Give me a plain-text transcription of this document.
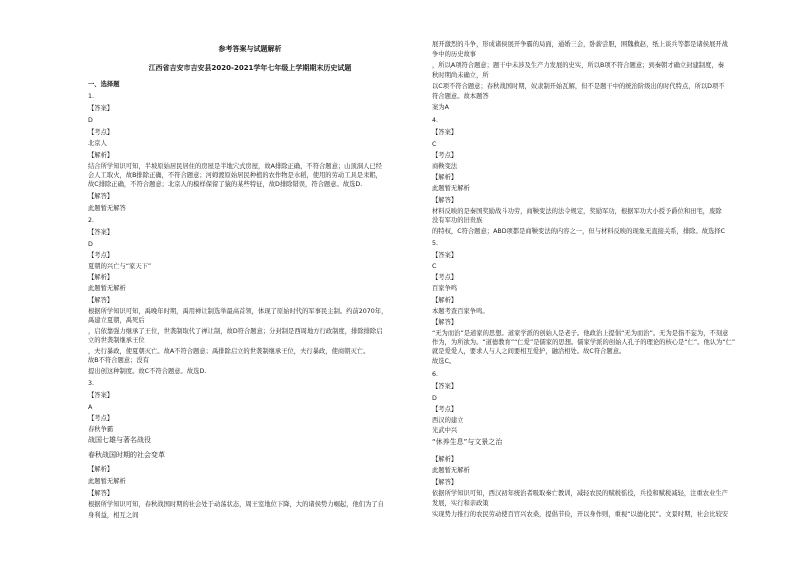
参考答案与试题解析
江西省吉安市吉安县2020-2021学年七年级上学期期末历史试题
一、选择题
1.
【答案】
D
【考点】
北京人
【解析】
结合所学知识可知，半坡原始居民居住的房屋是半地穴式房屋，故A排除正确，不符合题意；山顶洞人已经
会人工取火，故B排除正确，不符合题意；河姆渡原始居民种植的农作物是水稻，使用的劳动工具是耒耜，
故C排除正确，不符合题意；北京人的模样保留了猿的某些特征，故D排除错误，符合题意。故选D.
【解答】
此题暂无解答
2.
【答案】
D
【考点】
夏朝的兴亡与“家天下”
【解析】
此题暂无解析
【解答】
根据所学知识可知，禹晚年时期，禹用禅让制选举最高首领，体现了原始时代的军事民主制。约前2070年，
禹建立夏朝，禹死后
，启依靠强力继承了王位，世袭制取代了禅让制，故D符合题意；分封制是西周地方行政制度，排除排除启
立的世袭制继承王位
，夫行暴政，使夏朝灭亡。故A不符合题意；禹排除启立的世袭制继承王位，夫行暴政，使商朝灭亡。
故B不符合题意；没有
提出创这种制度。故C不符合题意。故选D.
3.
【答案】
A
【考点】
春秋争霸
战国七雄与著名战役
春秋战国时期的社会变革
【解析】
此题暂无解析
【解答】
根据所学知识可知，春秋战国时期的社会处于动荡状态，周王室地位下降，大的诸侯势力崛起，他们为了自
身利益，相互之间
展开激烈的斗争，形成诸侯展开争霸的局面，通婚三会，卧薪尝胆，围魏救赵，纸上谈兵等都是诸侯展开战
争中的历史故事
，所以A项符合题意；题干中未涉及生产力发展的史实，所以B项不符合题意；到秦朝才确立封建制度，秦
秋时期尚未确立，所
以C项不符合题意；春秋战国时期，奴隶制开始瓦解，但不是题干中的统治阶级出的时代特点，所以D项不
符合题意。故本题答
案为A
4.
【答案】
C
【考点】
商鞅变法
【解析】
此题暂无解析
【解答】
材料反映的是秦国奖励战斗功劳，商鞅变法的法令规定，奖励军功，根据军功大小授予爵位和田宅，废除
没有军功的旧贵族
的特权，C符合题意；ABD项都是商鞅变法的内容之一，但与材料反映的现象无直接关系，排除。故选择C
5.
【答案】
C
【考点】
百家争鸣
【解析】
本题考查百家争鸣。
【解答】
“无为而治”是道家的思想。道家学派的创始人是老子。他政治上提倡“无为而治”。无为是指不妄为，不刻意
作为，为所欲为。“道德教育”“仁爱”是儒家的思想。儒家学派的创始人孔子的理论的核心是“仁”。他认为“仁”
就是爱爱人，要求人与人之间要相互爱护，融洽相处。故C符合题意。
故选C。
6.
【答案】
D
【考点】
西汉的建立
光武中兴
“休养生息”与文景之治
【解析】
此题暂无解析
【解答】
依据所学知识可知，西汉初年统治者吸取秦亡教训，减轻农民的赋税徭役，兵役和赋税减轻，注重农业生产
发展，实行和亲政策
实现势力推行的农民劳动使百官兴农桑，提倡节俭，开以身作则，重视“以德化民”。文景时期，社会比较安
